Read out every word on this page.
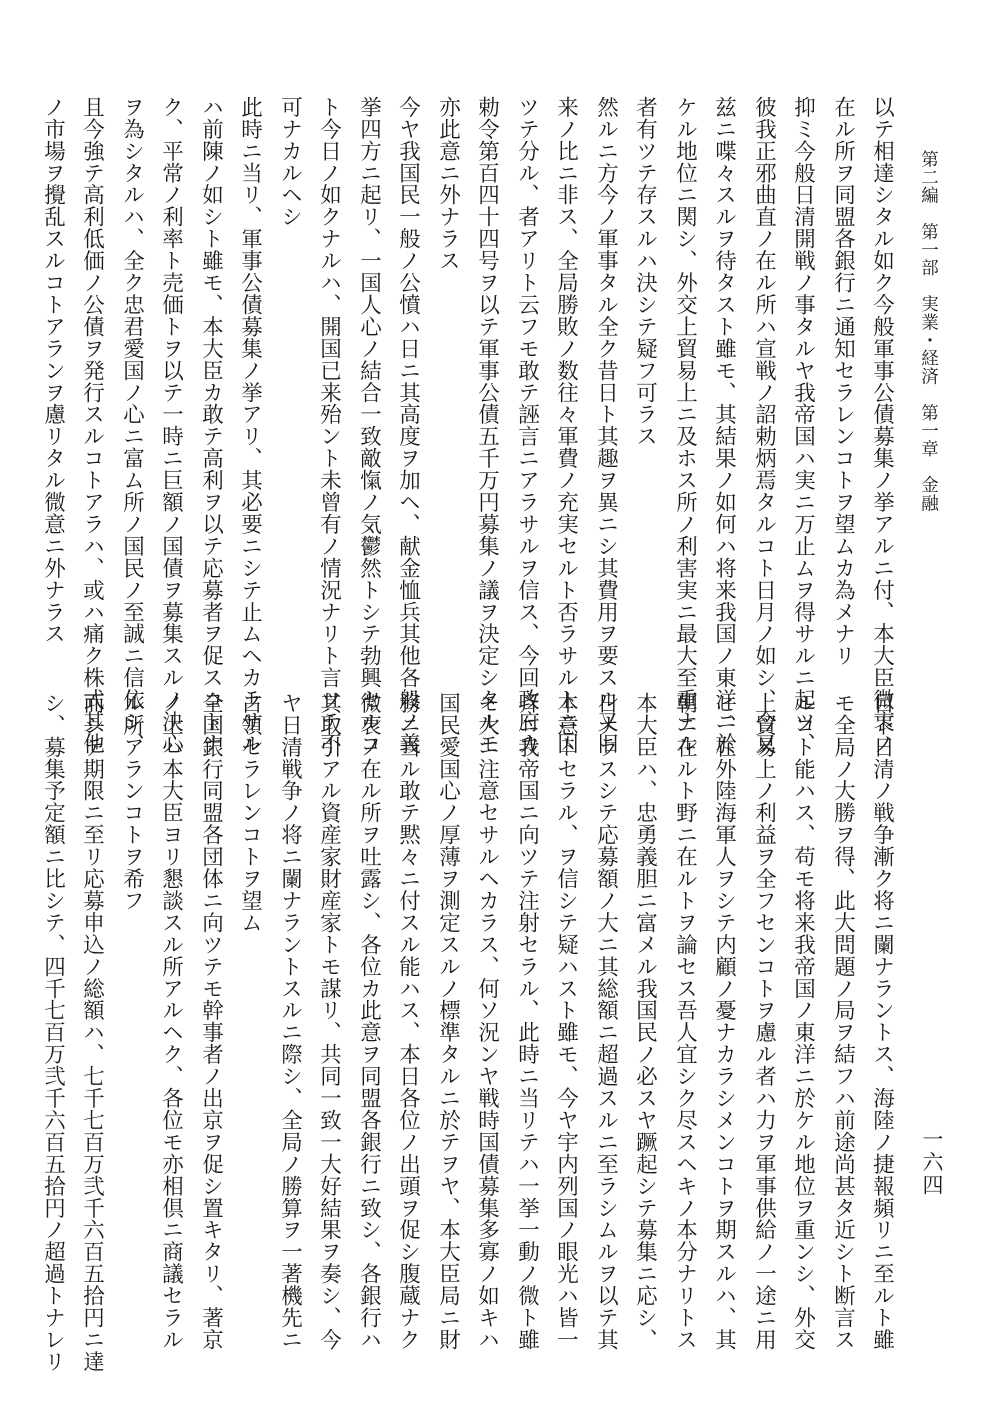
第二編　第一部　実業・経済　第一章　金融
一六四

以テ相達シタル如ク今般軍事公債募集ノ挙アルニ付、本大臣微衷ノ

在ル所ヲ同盟各銀行ニ通知セラレンコトヲ望ムカ為メナリ

抑ミ今般日清開戦ノ事タルヤ我帝国ハ実ニ万止ムヲ得サルニ起ツ、

彼我正邪曲直ノ在ル所ハ宣戦ノ詔勅炳焉タルコト日月ノ如シ、今又

兹ニ喋々スルヲ待タスト雖モ、其結果ノ如何ハ将来我国ノ東洋ニ於

ケル地位ニ関シ、外交上貿易上ニ及ホス所ノ利害実ニ最大至重ナル

者有ツテ存スルハ決シテ疑フ可ラス

然ルニ方今ノ軍事タル全ク昔日ト其趣ヲ異ニシ其費用ヲ要スル又旧

来ノ比ニ非ス、全局勝敗ノ数往々軍費ノ充実セルト否ラサルトニ因

ツテ分ル、者アリト云フモ敢テ誣言ニアラサルヲ信ス、今回政府カ

勅令第百四十四号ヲ以テ軍事公債五千万円募集ノ議ヲ決定シタルモ

亦此意ニ外ナラス

今ヤ我国民一般ノ公憤ハ日ニ其高度ヲ加ヘ、献金恤兵其他各般ノ義

挙四方ニ起リ、一国人心ノ結合一致敵愾ノ気鬱然トシテ勃興セルコ

ト今日ノ如クナルハ、開国已来殆ント未曾有ノ情況ナリト言ツテ不

可ナカルヘシ

此時ニ当リ、軍事公債募集ノ挙アリ、其必要ニシテ止ムヘカラサル

ハ前陳ノ如シト雖モ、本大臣カ敢テ高利ヲ以テ応募者ヲ促スコトナ

ク、平常ノ利率ト売価トヲ以テ一時ニ巨額ノ国債ヲ募集スルノ決心

ヲ為シタルハ、全ク忠君愛国ノ心ニ富ム所ノ国民ノ至誠ニ信依シ、

且今強テ高利低価ノ公債ヲ発行スルコトアラハ、或ハ痛ク株式其他

ノ市場ヲ攪乱スルコトアランヲ慮リタル微意ニ外ナラス

目下日清ノ戦争漸ク将ニ闌ナラントス、海陸ノ捷報頻リニ至ルト雖

モ全局ノ大勝ヲ得、此大問題ノ局ヲ結フハ前途尚甚タ近シト断言ス

ルコト能ハス、苟モ将来我帝国ノ東洋ニ於ケル地位ヲ重ンシ、外交

上貿易上ノ利益ヲ全フセンコトヲ慮ル者ハ力ヲ軍事供給ノ一途ニ用

ヒ、在外陸海軍人ヲシテ内顧ノ憂ナカラシメンコトヲ期スルハ、其

朝ニ在ルト野ニ在ルトヲ論セス吾人宜シク尽スヘキノ本分ナリトス

本大臣ハ、忠勇義胆ニ富メル我国民ノ必スヤ蹶起シテ募集ニ応シ、

日ナラスシテ応募額ノ大ニ其総額ニ超過スルニ至ラシムルヲ以テ其

本意トセラル、ヲ信シテ疑ハスト雖モ、今ヤ宇内列国ノ眼光ハ皆一

斉ニ我帝国ニ向ツテ注射セラル、此時ニ当リテハ一挙一動ノ微ト雖

モ大ニ注意セサルヘカラス、何ソ況ンヤ戦時国債募集多寡ノ如キハ

国民愛国心ノ厚薄ヲ測定スルノ標準タルニ於テヲヤ、本大臣局ニ財

務ニ当ル敢テ黙々ニ付スル能ハス、本日各位ノ出頭ヲ促シ腹蔵ナク

微衷ノ在ル所ヲ吐露シ、各位カ此意ヲ同盟各銀行ニ致シ、各銀行ハ

其取引アル資産家財産家トモ謀リ、共同一致一大好結果ヲ奏シ、今

ヤ日清戦争ノ将ニ闌ナラントスルニ際シ、全局ノ勝算ヲ一著機先ニ

占領セラレンコトヲ望ム

全国銀行同盟各団体ニ向ツテモ幹事者ノ出京ヲ促シ置キタリ、著京

ノ上ハ本大臣ヨリ懇談スル所アルヘク、各位モ亦相倶ニ商議セラル

ル所アランコトヲ希フ

而シテ期限ニ至リ応募申込ノ総額ハ、七千七百万弐千六百五拾円ニ達

シ、募集予定額ニ比シテ、四千七百万弐千六百五拾円ノ超過トナレリ
